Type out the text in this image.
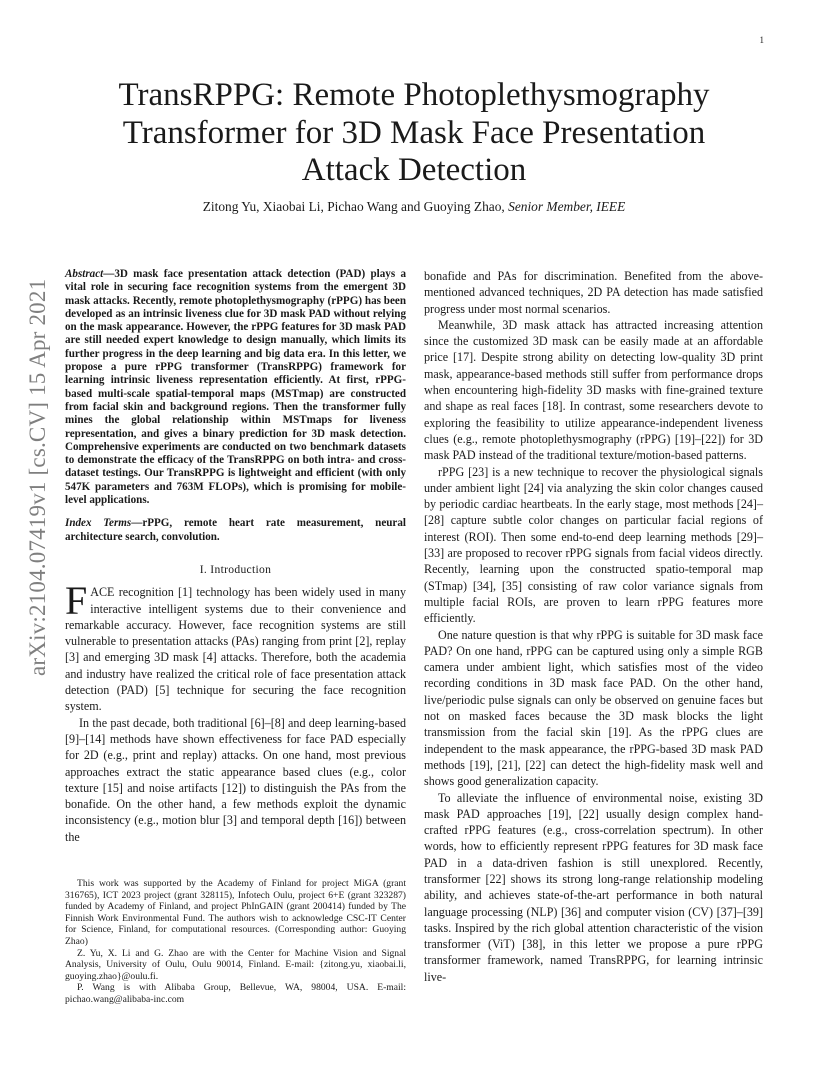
1
arXiv:2104.07419v1 [cs.CV] 15 Apr 2021
TransRPPG: Remote Photoplethysmography
Transformer for 3D Mask Face Presentation
Attack Detection
Zitong Yu, Xiaobai Li, Pichao Wang and Guoying Zhao, Senior Member, IEEE
Abstract—3D mask face presentation attack detection (PAD) plays a vital role in securing face recognition systems from the emergent 3D mask attacks. Recently, remote photoplethysmography (rPPG) has been developed as an intrinsic liveness clue for 3D mask PAD without relying on the mask appearance. However, the rPPG features for 3D mask PAD are still needed expert knowledge to design manually, which limits its further progress in the deep learning and big data era. In this letter, we propose a pure rPPG transformer (TransRPPG) framework for learning intrinsic liveness representation efficiently. At first, rPPG-based multi-scale spatial-temporal maps (MSTmap) are constructed from facial skin and background regions. Then the transformer fully mines the global relationship within MSTmaps for liveness representation, and gives a binary prediction for 3D mask detection. Comprehensive experiments are conducted on two benchmark datasets to demonstrate the efficacy of the TransRPPG on both intra- and cross-dataset testings. Our TransRPPG is lightweight and efficient (with only 547K parameters and 763M FLOPs), which is promising for mobile-level applications.
Index Terms—rPPG, remote heart rate measurement, neural architecture search, convolution.
I. Introduction

FACE recognition [1] technology has been widely used in many interactive intelligent systems due to their convenience and remarkable accuracy. However, face recognition systems are still vulnerable to presentation attacks (PAs) ranging from print [2], replay [3] and emerging 3D mask [4] attacks. Therefore, both the academia and industry have realized the critical role of face presentation attack detection (PAD) [5] technique for securing the face recognition system.

In the past decade, both traditional [6]–[8] and deep learning-based [9]–[14] methods have shown effectiveness for face PAD especially for 2D (e.g., print and replay) attacks. On one hand, most previous approaches extract the static appearance based clues (e.g., color texture [15] and noise artifacts [12]) to distinguish the PAs from the bonafide. On the other hand, a few methods exploit the dynamic inconsistency (e.g., motion blur [3] and temporal depth [16]) between the

This work was supported by the Academy of Finland for project MiGA (grant 316765), ICT 2023 project (grant 328115), Infotech Oulu, project 6+E (grant 323287) funded by Academy of Finland, and project PhInGAIN (grant 200414) funded by The Finnish Work Environmental Fund. The authors wish to acknowledge CSC-IT Center for Science, Finland, for computational resources. (Corresponding author: Guoying Zhao)

Z. Yu, X. Li and G. Zhao are with the Center for Machine Vision and Signal Analysis, University of Oulu, Oulu 90014, Finland. E-mail: {zitong.yu, xiaobai.li, guoying.zhao}@oulu.fi.

P. Wang is with Alibaba Group, Bellevue, WA, 98004, USA. E-mail: pichao.wang@alibaba-inc.com

bonafide and PAs for discrimination. Benefited from the above-mentioned advanced techniques, 2D PA detection has made satisfied progress under most normal scenarios.

Meanwhile, 3D mask attack has attracted increasing attention since the customized 3D mask can be easily made at an affordable price [17]. Despite strong ability on detecting low-quality 3D print mask, appearance-based methods still suffer from performance drops when encountering high-fidelity 3D masks with fine-grained texture and shape as real faces [18]. In contrast, some researchers devote to exploring the feasibility to utilize appearance-independent liveness clues (e.g., remote photoplethysmography (rPPG) [19]–[22]) for 3D mask PAD instead of the traditional texture/motion-based patterns.

rPPG [23] is a new technique to recover the physiological signals under ambient light [24] via analyzing the skin color changes caused by periodic cardiac heartbeats. In the early stage, most methods [24]–[28] capture subtle color changes on particular facial regions of interest (ROI). Then some end-to-end deep learning methods [29]–[33] are proposed to recover rPPG signals from facial videos directly. Recently, learning upon the constructed spatio-temporal map (STmap) [34], [35] consisting of raw color variance signals from multiple facial ROIs, are proven to learn rPPG features more efficiently.

One nature question is that why rPPG is suitable for 3D mask face PAD? On one hand, rPPG can be captured using only a simple RGB camera under ambient light, which satisfies most of the video recording conditions in 3D mask face PAD. On the other hand, live/periodic pulse signals can only be observed on genuine faces but not on masked faces because the 3D mask blocks the light transmission from the facial skin [19]. As the rPPG clues are independent to the mask appearance, the rPPG-based 3D mask PAD methods [19], [21], [22] can detect the high-fidelity mask well and shows good generalization capacity.

To alleviate the influence of environmental noise, existing 3D mask PAD approaches [19], [22] usually design complex hand-crafted rPPG features (e.g., cross-correlation spectrum). In other words, how to efficiently represent rPPG features for 3D mask face PAD in a data-driven fashion is still unexplored. Recently, transformer [22] shows its strong long-range relationship modeling ability, and achieves state-of-the-art performance in both natural language processing (NLP) [36] and computer vision (CV) [37]–[39] tasks. Inspired by the rich global attention characteristic of the vision transformer (ViT) [38], in this letter we propose a pure rPPG transformer framework, named TransRPPG, for learning intrinsic live-
